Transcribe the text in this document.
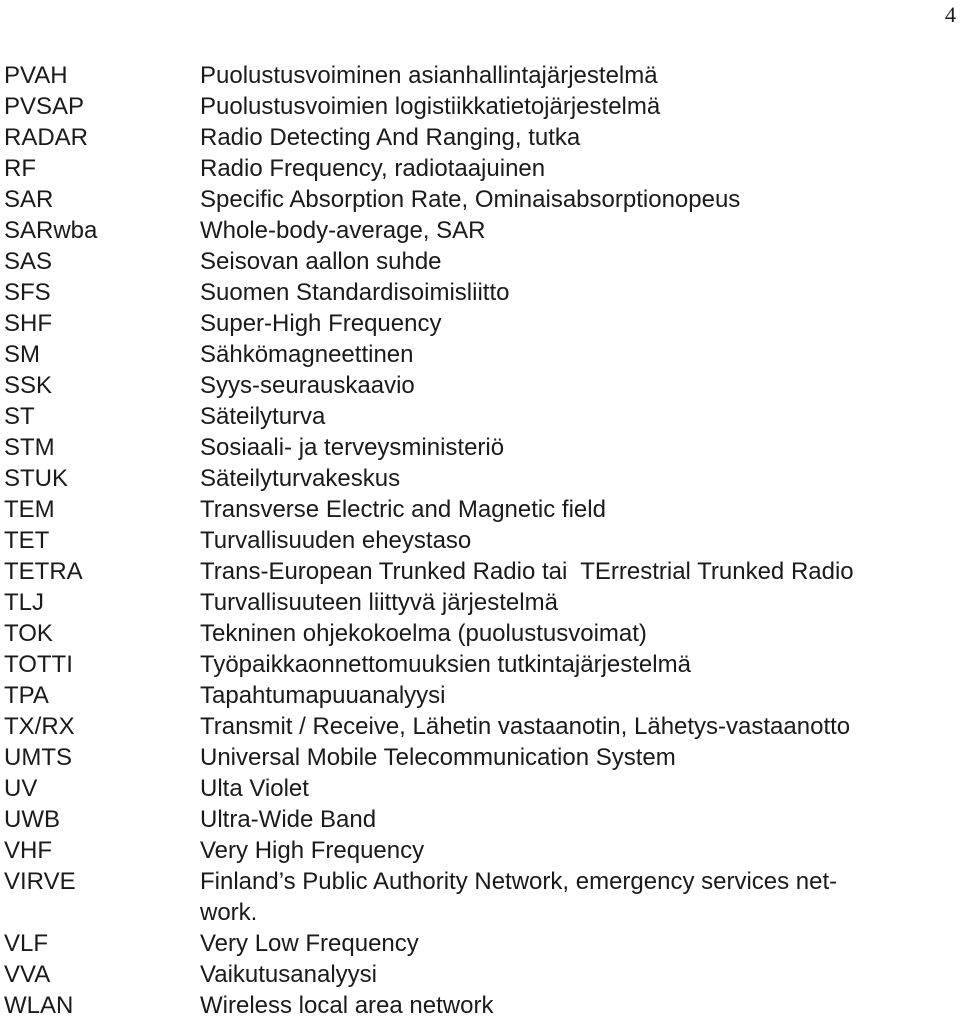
4
PVAH	Puolustusvoiminen asianhallintajärjestelmä
PVSAP	Puolustusvoimien logistiikkatietojärjestelmä
RADAR	Radio Detecting And Ranging, tutka
RF	Radio Frequency, radiotaajuinen
SAR	Specific Absorption Rate, Ominaisabsorptionopeus
SARwba	Whole-body-average, SAR
SAS	Seisovan aallon suhde
SFS	Suomen Standardisoimisliitto
SHF	Super-High Frequency
SM	Sähkömagneettinen
SSK	Syys-seurauskaavio
ST	Säteilyturva
STM	Sosiaali- ja terveysministeriö
STUK	Säteilyturvakeskus
TEM	Transverse Electric and Magnetic field
TET	Turvallisuuden eheystaso
TETRA	Trans-European Trunked Radio tai  TErrestrial Trunked Radio
TLJ	Turvallisuuteen liittyvä järjestelmä
TOK	Tekninen ohjekokoelma (puolustusvoimat)
TOTTI	Työpaikkaonnettomuuksien tutkintajärjestelmä
TPA	Tapahtumapuuanalyysi
TX/RX	Transmit / Receive, Lähetin vastaanotin, Lähetys-vastaanotto
UMTS	Universal Mobile Telecommunication System
UV	Ulta Violet
UWB	Ultra-Wide Band
VHF	Very High Frequency
VIRVE	Finland’s Public Authority Network, emergency services net-
work.
VLF	Very Low Frequency
VVA	Vaikutusanalyysi
WLAN	Wireless local area network
